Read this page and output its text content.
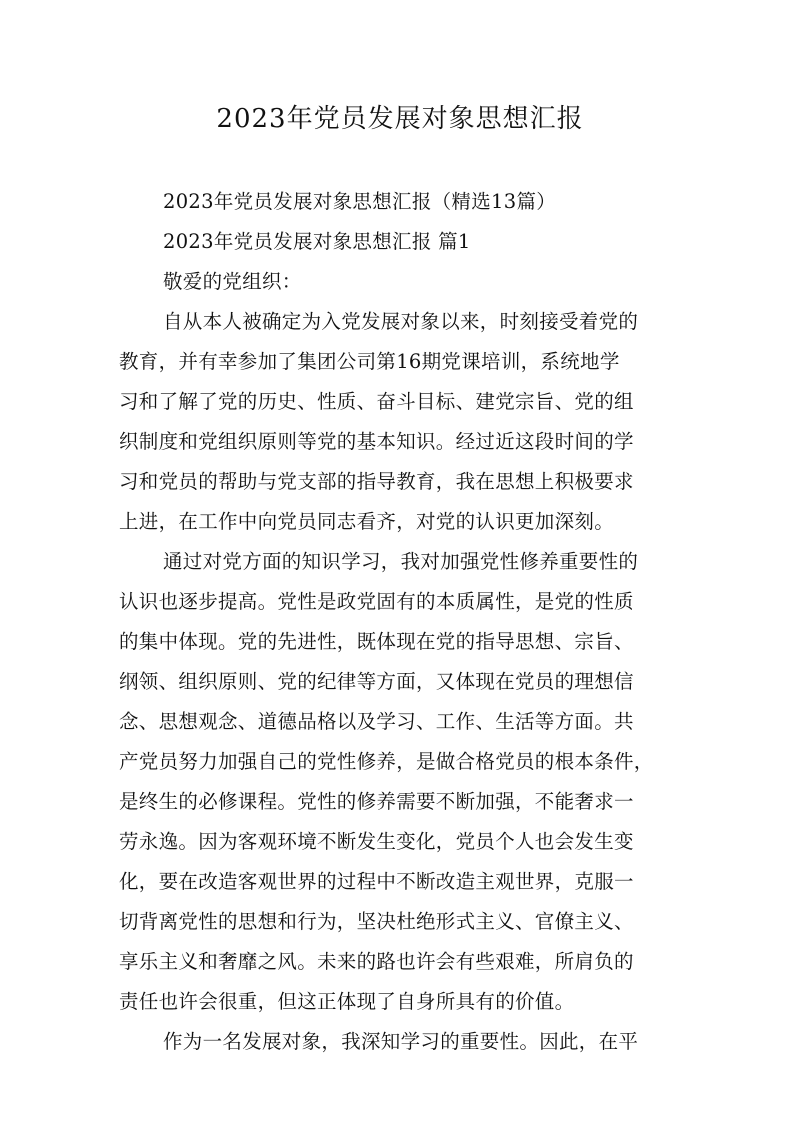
2023年党员发展对象思想汇报
2023年党员发展对象思想汇报（精选13篇）
2023年党员发展对象思想汇报 篇1
敬爱的党组织：
自从本人被确定为入党发展对象以来，时刻接受着党的
教育，并有幸参加了集团公司第16期党课培训，系统地学
习和了解了党的历史、性质、奋斗目标、建党宗旨、党的组
织制度和党组织原则等党的基本知识。经过近这段时间的学
习和党员的帮助与党支部的指导教育，我在思想上积极要求
上进，在工作中向党员同志看齐，对党的认识更加深刻。
通过对党方面的知识学习，我对加强党性修养重要性的
认识也逐步提高。党性是政党固有的本质属性，是党的性质
的集中体现。党的先进性，既体现在党的指导思想、宗旨、
纲领、组织原则、党的纪律等方面，又体现在党员的理想信
念、思想观念、道德品格以及学习、工作、生活等方面。共
产党员努力加强自己的党性修养，是做合格党员的根本条件，
是终生的必修课程。党性的修养需要不断加强，不能奢求一
劳永逸。因为客观环境不断发生变化，党员个人也会发生变
化，要在改造客观世界的过程中不断改造主观世界，克服一
切背离党性的思想和行为，坚决杜绝形式主义、官僚主义、
享乐主义和奢靡之风。未来的路也许会有些艰难，所肩负的
责任也许会很重，但这正体现了自身所具有的价值。
作为一名发展对象，我深知学习的重要性。因此，在平
